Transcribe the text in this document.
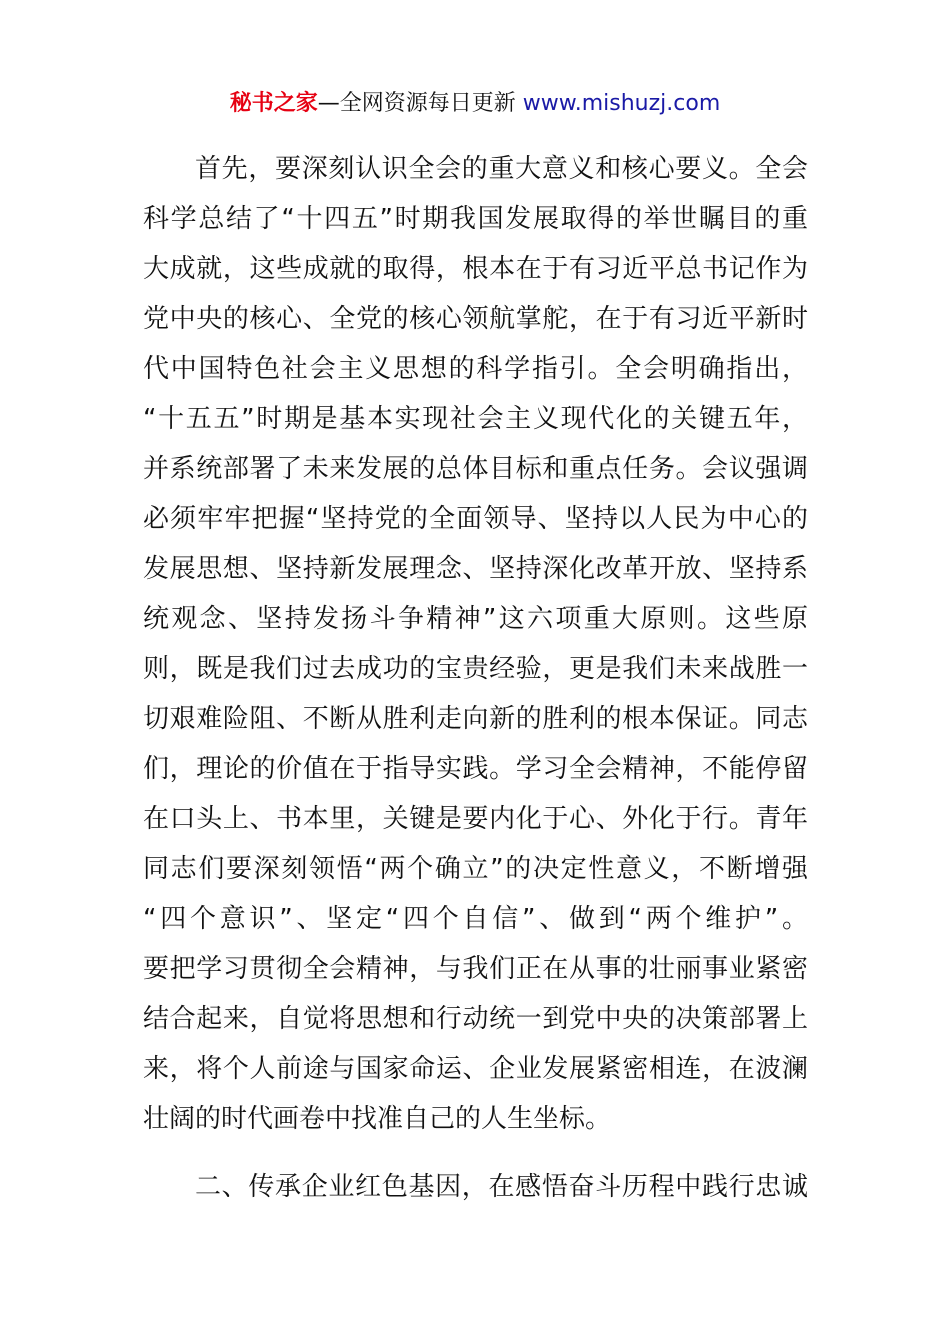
秘书之家—全网资源每日更新 www.mishuzj.com
首先，要深刻认识全会的重大意义和核心要义。全会
科学总结了“十四五”时期我国发展取得的举世瞩目的重
大成就，这些成就的取得，根本在于有习近平总书记作为
党中央的核心、全党的核心领航掌舵，在于有习近平新时
代中国特色社会主义思想的科学指引。全会明确指出，
“十五五”时期是基本实现社会主义现代化的关键五年，
并系统部署了未来发展的总体目标和重点任务。会议强调
必须牢牢把握“坚持党的全面领导、坚持以人民为中心的
发展思想、坚持新发展理念、坚持深化改革开放、坚持系
统观念、坚持发扬斗争精神”这六项重大原则。这些原
则，既是我们过去成功的宝贵经验，更是我们未来战胜一
切艰难险阻、不断从胜利走向新的胜利的根本保证。同志
们，理论的价值在于指导实践。学习全会精神，不能停留
在口头上、书本里，关键是要内化于心、外化于行。青年
同志们要深刻领悟“两个确立”的决定性意义，不断增强
“四个意识”、坚定“四个自信”、做到“两个维护”。
要把学习贯彻全会精神，与我们正在从事的壮丽事业紧密
结合起来，自觉将思想和行动统一到党中央的决策部署上
来，将个人前途与国家命运、企业发展紧密相连，在波澜
壮阔的时代画卷中找准自己的人生坐标。
二、传承企业红色基因，在感悟奋斗历程中践行忠诚
